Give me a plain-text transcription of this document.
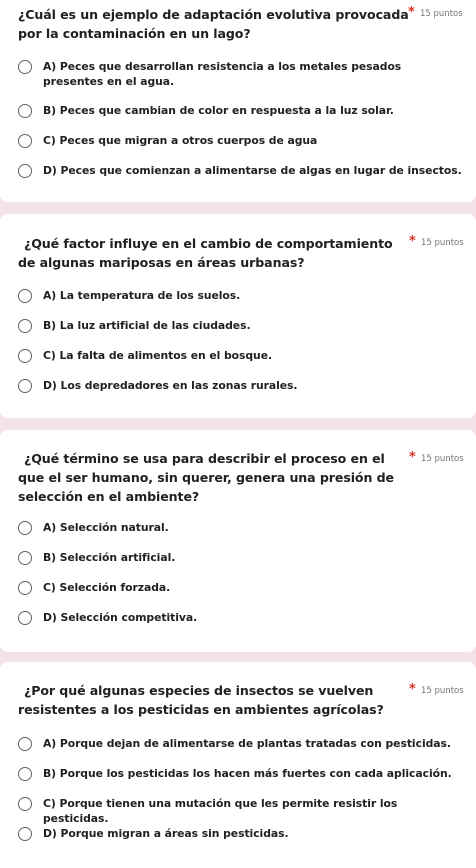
¿Cuál es un ejemplo de adaptación evolutiva provocada por la contaminación en un lago?
* 15 puntos
A) Peces que desarrollan resistencia a los metales pesados presentes en el agua.
B) Peces que cambian de color en respuesta a la luz solar.
C) Peces que migran a otros cuerpos de agua
D) Peces que comienzan a alimentarse de algas en lugar de insectos.
¿Qué factor influye en el cambio de comportamiento de algunas mariposas en áreas urbanas?
* 15 puntos
A) La temperatura de los suelos.
B) La luz artificial de las ciudades.
C) La falta de alimentos en el bosque.
D) Los depredadores en las zonas rurales.
¿Qué término se usa para describir el proceso en el que el ser humano, sin querer, genera una presión de selección en el ambiente?
* 15 puntos
A) Selección natural.
B) Selección artificial.
C) Selección forzada.
D) Selección competitiva.
¿Por qué algunas especies de insectos se vuelven resistentes a los pesticidas en ambientes agrícolas?
* 15 puntos
A) Porque dejan de alimentarse de plantas tratadas con pesticidas.
B) Porque los pesticidas los hacen más fuertes con cada aplicación.
C) Porque tienen una mutación que les permite resistir los pesticidas.
D) Porque migran a áreas sin pesticidas.
